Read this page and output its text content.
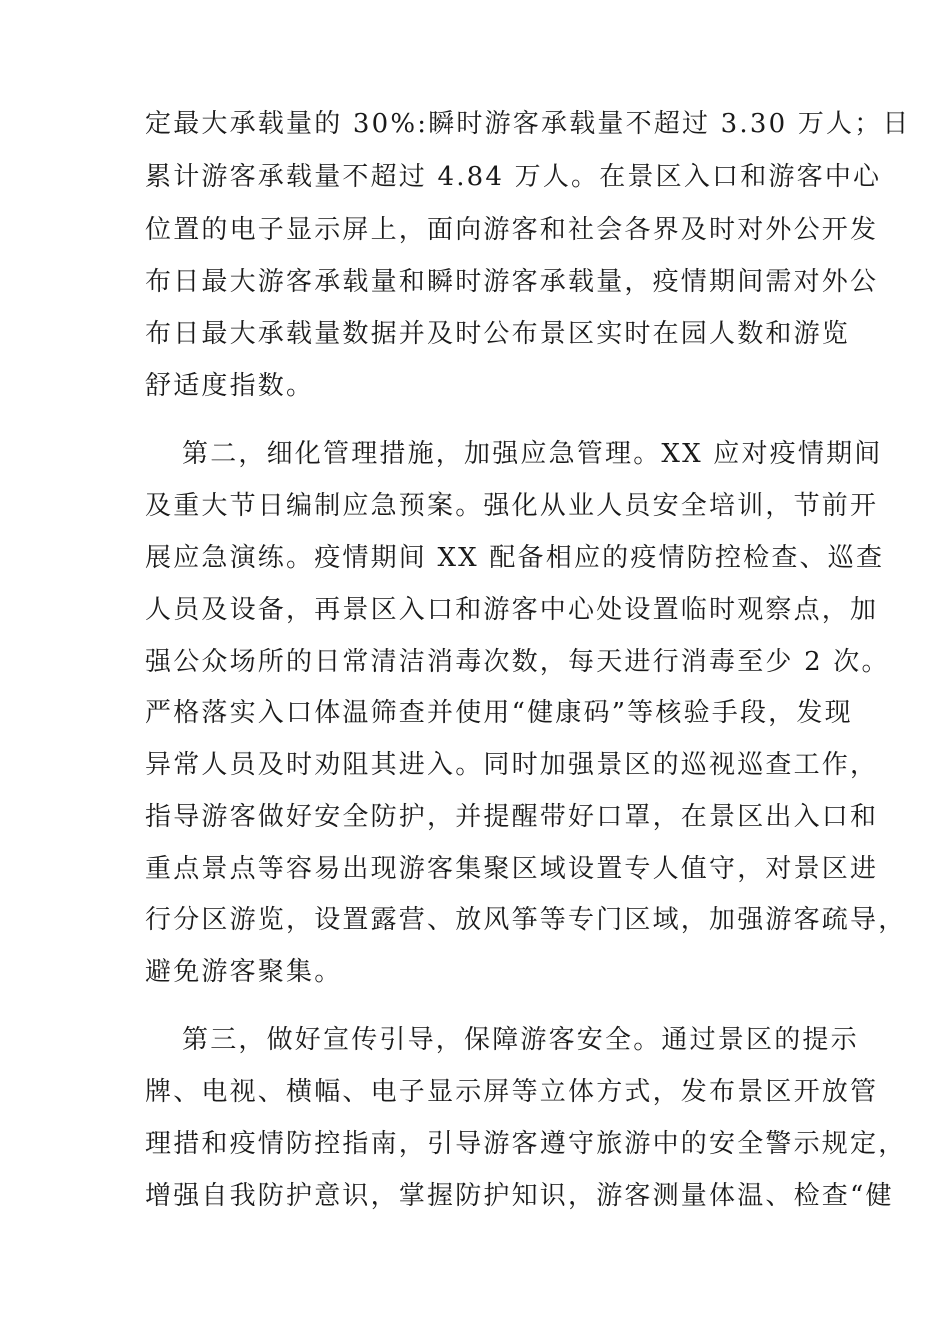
定最大承载量的 30%:瞬时游客承载量不超过 3.30 万人；日
累计游客承载量不超过 4.84 万人。在景区入口和游客中心
位置的电子显示屏上，面向游客和社会各界及时对外公开发
布日最大游客承载量和瞬时游客承载量，疫情期间需对外公
布日最大承载量数据并及时公布景区实时在园人数和游览
舒适度指数。
第二，细化管理措施，加强应急管理。XX 应对疫情期间
及重大节日编制应急预案。强化从业人员安全培训，节前开
展应急演练。疫情期间 XX 配备相应的疫情防控检查、巡查
人员及设备，再景区入口和游客中心处设置临时观察点，加
强公众场所的日常清洁消毒次数，每天进行消毒至少 2 次。
严格落实入口体温筛查并使用“健康码”等核验手段，发现
异常人员及时劝阻其进入。同时加强景区的巡视巡查工作，
指导游客做好安全防护，并提醒带好口罩，在景区出入口和
重点景点等容易出现游客集聚区域设置专人值守，对景区进
行分区游览，设置露营、放风筝等专门区域，加强游客疏导，
避免游客聚集。
第三，做好宣传引导，保障游客安全。通过景区的提示
牌、电视、横幅、电子显示屏等立体方式，发布景区开放管
理措和疫情防控指南，引导游客遵守旅游中的安全警示规定，
增强自我防护意识，掌握防护知识，游客测量体温、检查“健
